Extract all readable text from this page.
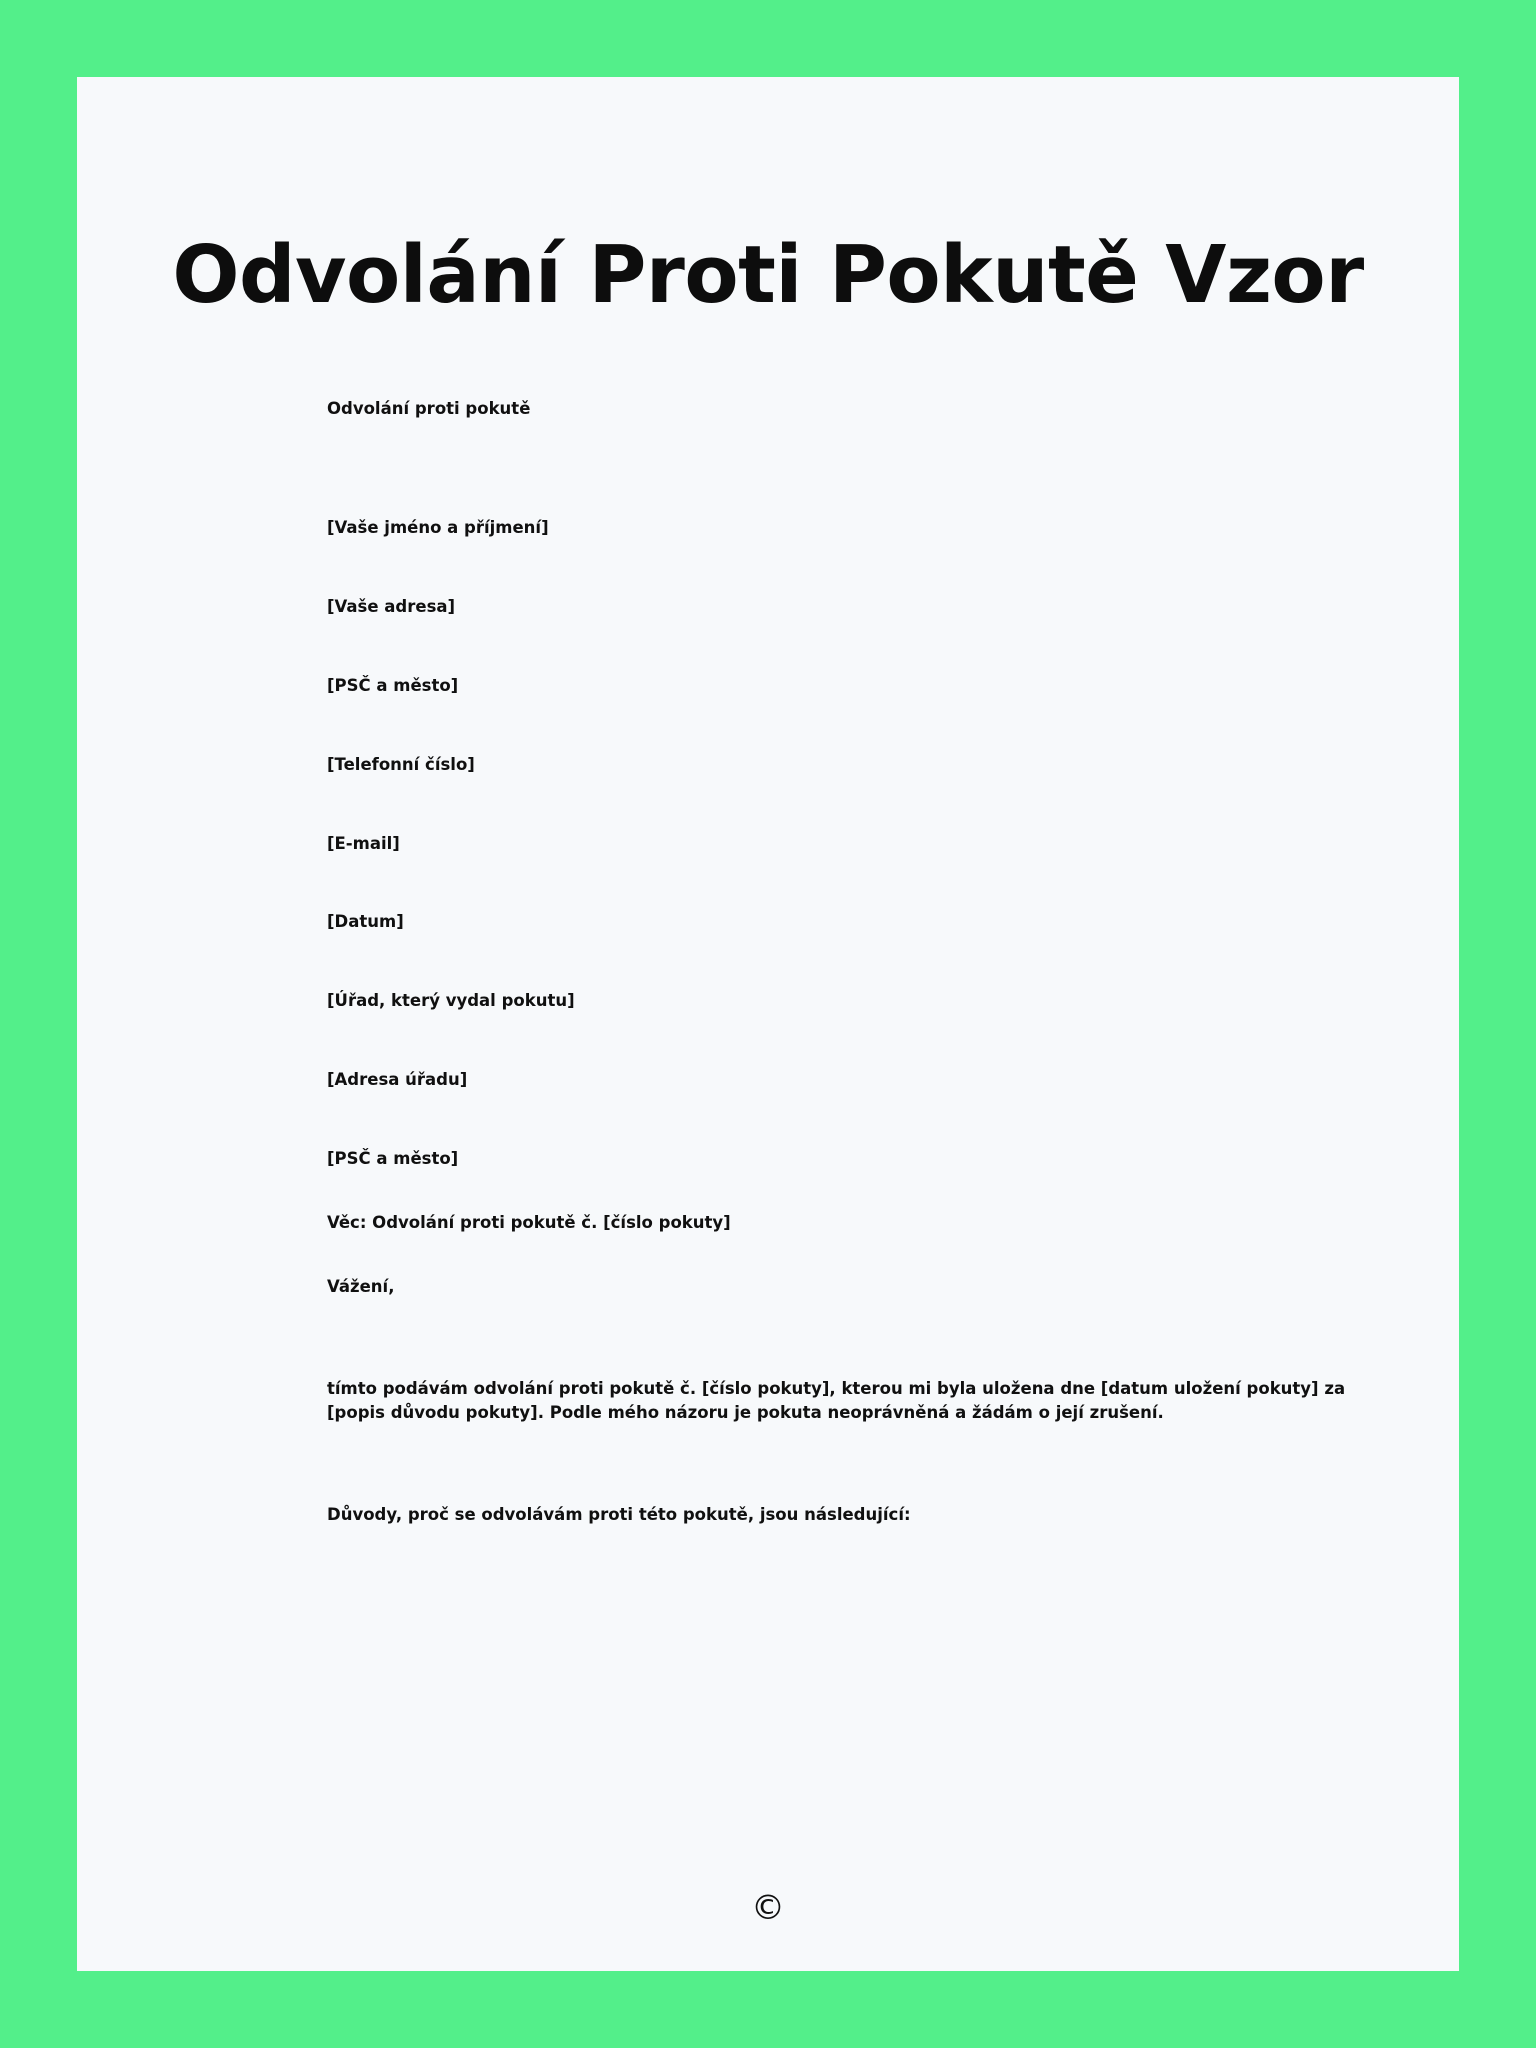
Odvolání Proti Pokutě Vzor
Odvolání proti pokutě
[Vaše jméno a příjmení]
[Vaše adresa]
[PSČ a město]
[Telefonní číslo]
[E-mail]
[Datum]
[Úřad, který vydal pokutu]
[Adresa úřadu]
[PSČ a město]
Věc: Odvolání proti pokutě č. [číslo pokuty]
Vážení,
tímto podávám odvolání proti pokutě č. [číslo pokuty], kterou mi byla uložena dne [datum uložení pokuty] za [popis důvodu pokuty]. Podle mého názoru je pokuta neoprávněná a žádám o její zrušení.
Důvody, proč se odvolávám proti této pokutě, jsou následující:
©
